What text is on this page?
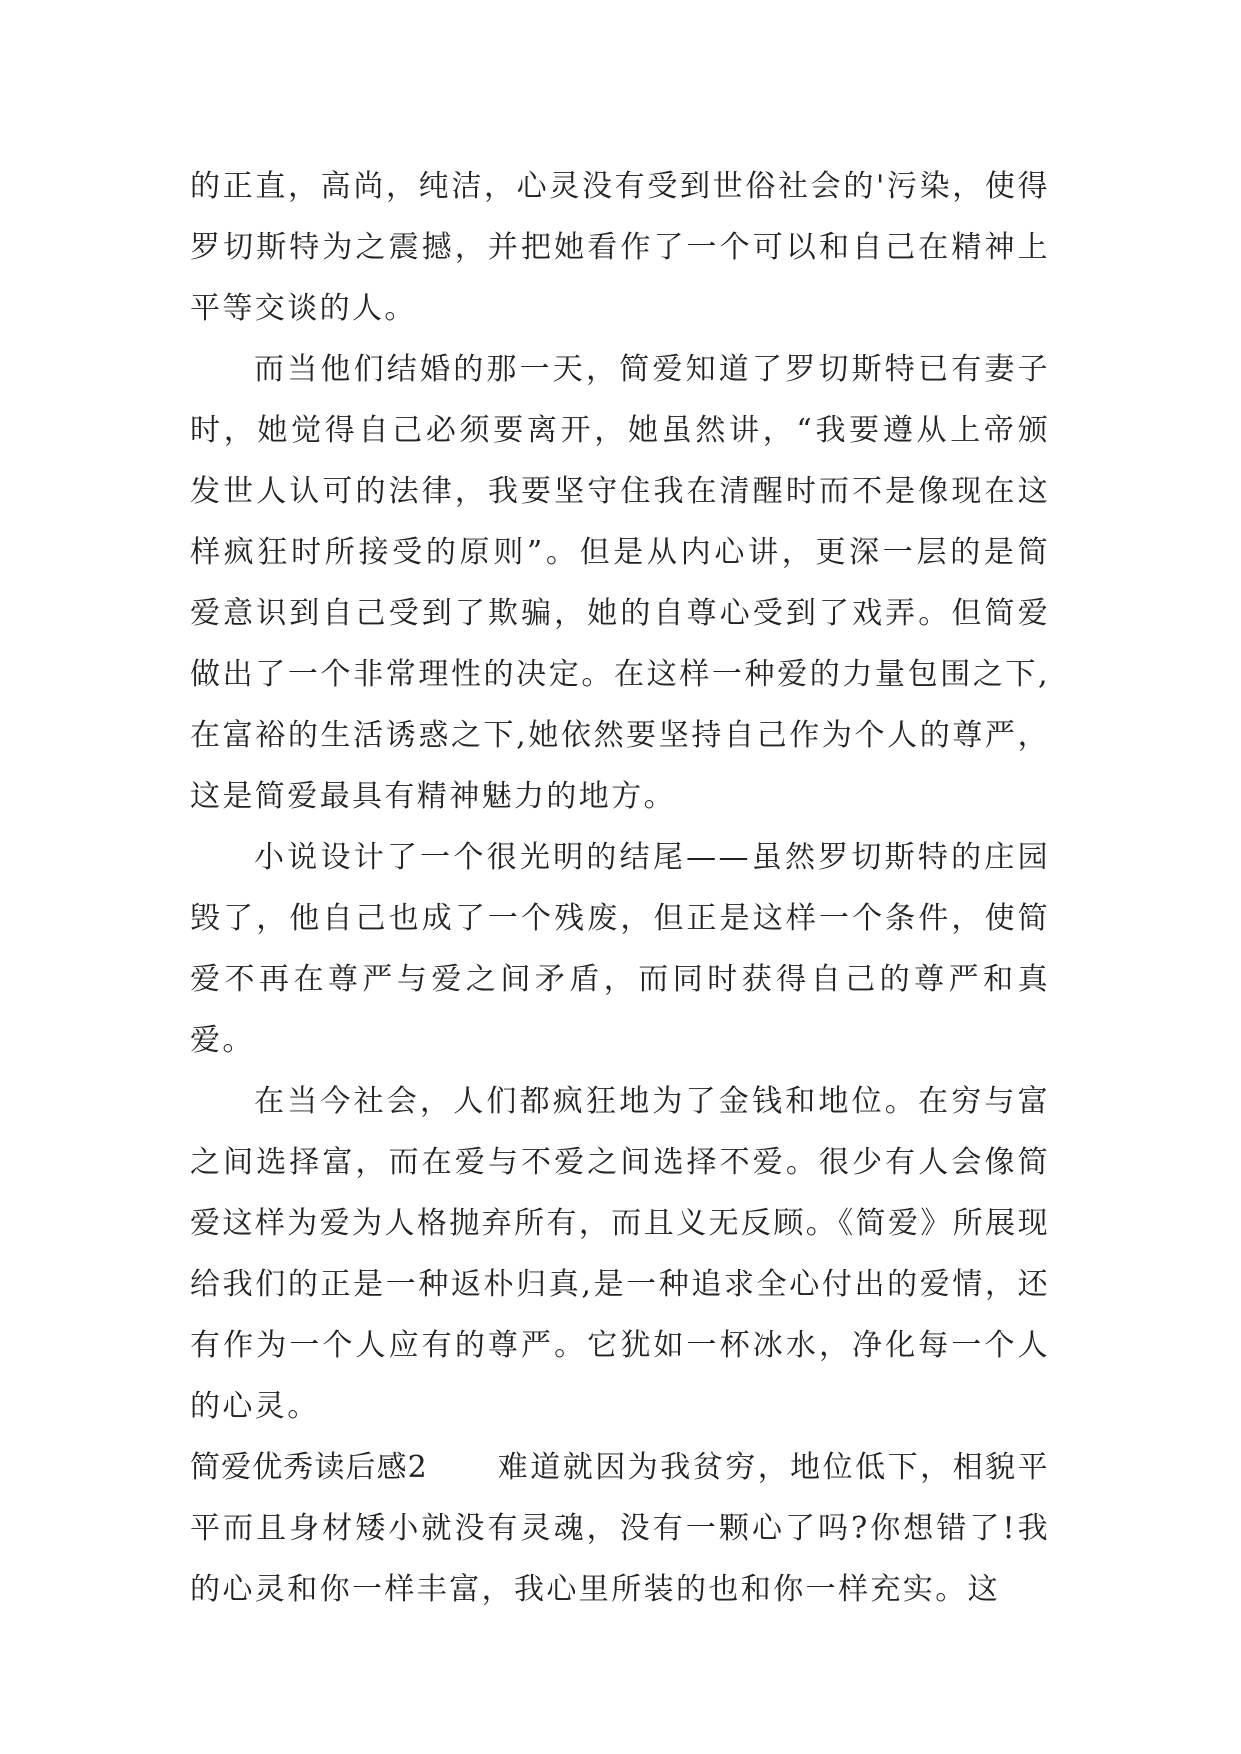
的正直，高尚，纯洁，心灵没有受到世俗社会的'污染，使得罗切斯特为之震撼，并把她看作了一个可以和自己在精神上平等交谈的人。

而当他们结婚的那一天，简爱知道了罗切斯特已有妻子时，她觉得自己必须要离开，她虽然讲，“我要遵从上帝颁发世人认可的法律，我要坚守住我在清醒时而不是像现在这样疯狂时所接受的原则”。但是从内心讲，更深一层的是简爱意识到自己受到了欺骗，她的自尊心受到了戏弄。但简爱做出了一个非常理性的决定。在这样一种爱的力量包围之下,在富裕的生活诱惑之下,她依然要坚持自己作为个人的尊严，这是简爱最具有精神魅力的地方。

小说设计了一个很光明的结尾——虽然罗切斯特的庄园毁了，他自己也成了一个残废，但正是这样一个条件，使简爱不再在尊严与爱之间矛盾，而同时获得自己的尊严和真爱。

在当今社会，人们都疯狂地为了金钱和地位。在穷与富之间选择富，而在爱与不爱之间选择不爱。很少有人会像简爱这样为爱为人格抛弃所有，而且义无反顾。《简爱》所展现给我们的正是一种返朴归真,是一种追求全心付出的爱情，还有作为一个人应有的尊严。它犹如一杯冰水，净化每一个人的心灵。

简爱优秀读后感2 难道就因为我贫穷，地位低下，相貌平平而且身材矮小就没有灵魂，没有一颗心了吗?你想错了!我的心灵和你一样丰富，我心里所装的也和你一样充实。这
